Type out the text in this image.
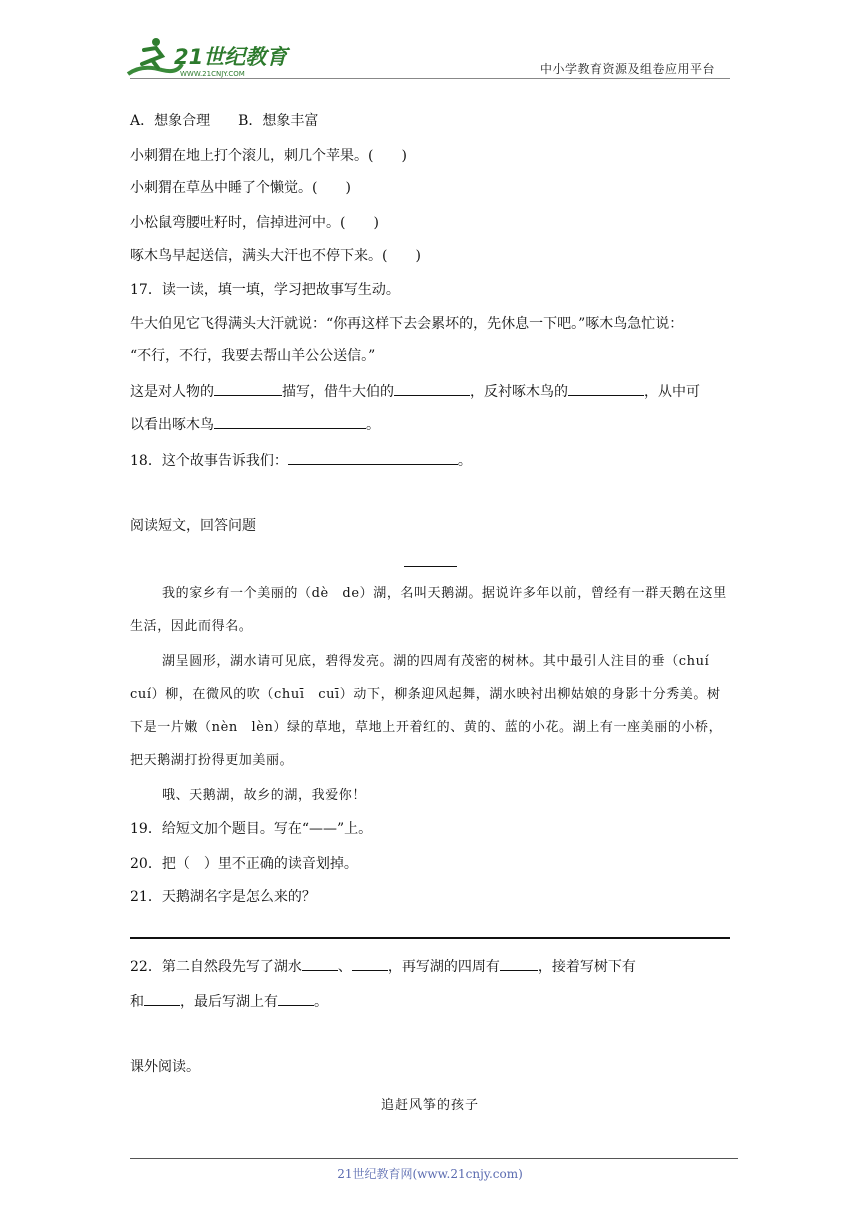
21世纪教育
WWW.21CNJY.COM	中小学教育资源及组卷应用平台
A．想象合理　　B．想象丰富
小刺猬在地上打个滚儿，刺几个苹果。(　　)
小刺猬在草丛中睡了个懒觉。(　　)
小松鼠弯腰吐籽时，信掉进河中。(　　)
啄木鸟早起送信，满头大汗也不停下来。(　　)
17．读一读，填一填，学习把故事写生动。
牛大伯见它飞得满头大汗就说：“你再这样下去会累坏的，先休息一下吧。”啄木鸟急忙说：
“不行，不行，我要去帮山羊公公送信。”
这是对人物的	描写，借牛大伯的	，反衬啄木鸟的	，从中可
以看出啄木鸟	。
18．这个故事告诉我们：	。
阅读短文，回答问题
我的家乡有一个美丽的（dè　de）湖，名叫天鹅湖。据说许多年以前，曾经有一群天鹅在这里生活，因此而得名。
湖呈圆形，湖水请可见底，碧得发亮。湖的四周有茂密的树林。其中最引人注目的垂（chuí　cuí）柳，在微风的吹（chuī　cuī）动下，柳条迎风起舞，湖水映衬出柳姑娘的身影十分秀美。树下是一片嫩（nèn　lèn）绿的草地，草地上开着红的、黄的、蓝的小花。湖上有一座美丽的小桥，把天鹅湖打扮得更加美丽。
哦、天鹅湖，故乡的湖，我爱你！
19．给短文加个题目。写在“——”上。
20．把（　）里不正确的读音划掉。
21．天鹅湖名字是怎么来的？
22．第二自然段先写了湖水	、	，再写湖的四周有	，接着写树下有
和	，最后写湖上有	。
课外阅读。
追赶风筝的孩子
21世纪教育网(www.21cnjy.com)
